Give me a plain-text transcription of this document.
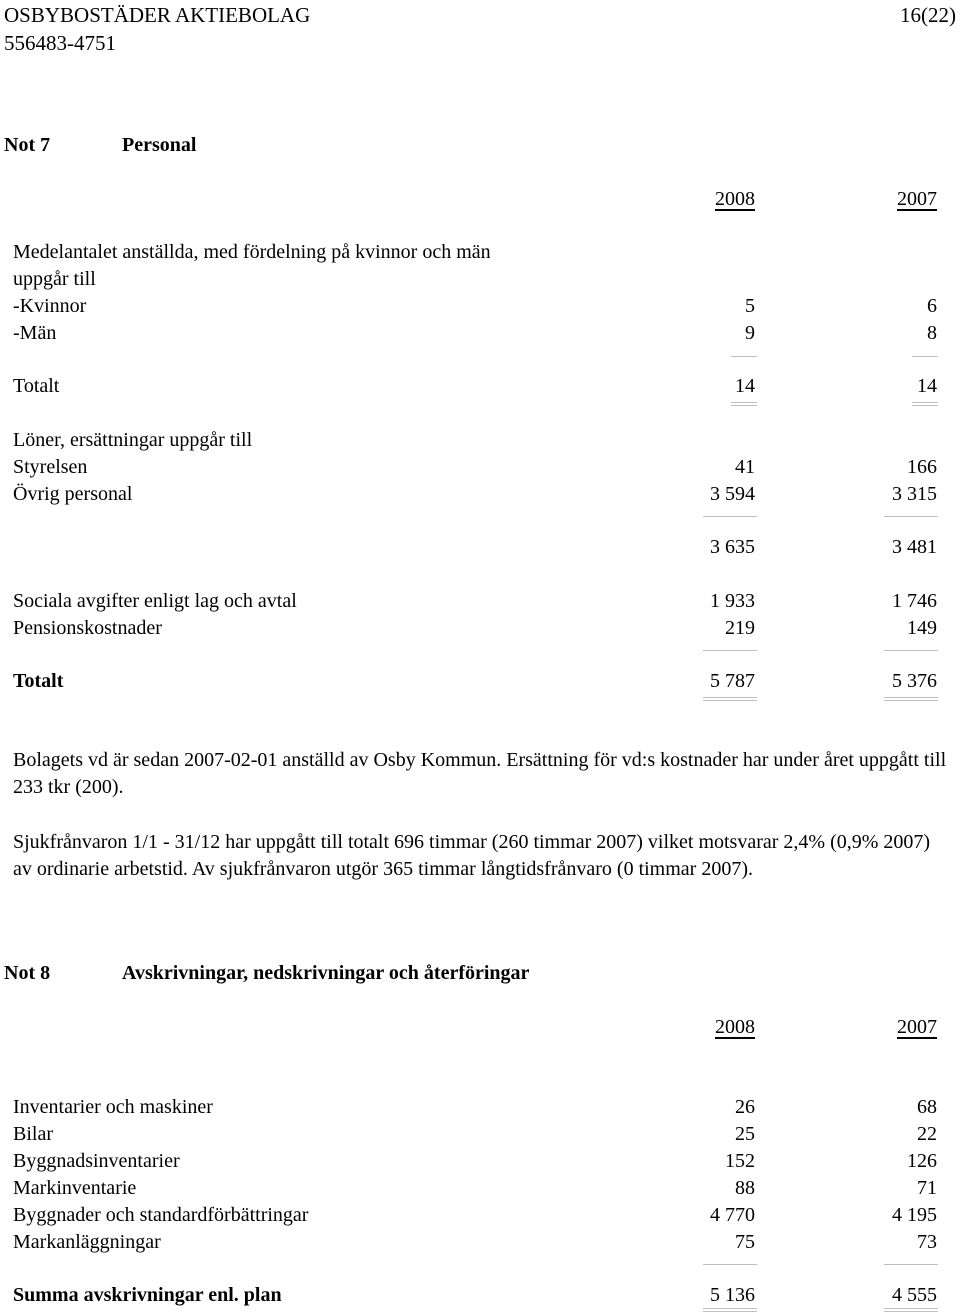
OSBYBOSTÄDER AKTIEBOLAG
556483-4751
16(22)
Not 7	Personal
2008	2007
Medelantalet anställda, med fördelning på kvinnor och män
uppgår till
-Kvinnor	5	6
-Män	9	8
Totalt	14	14
Löner, ersättningar uppgår till
Styrelsen	41	166
Övrig personal	3 594	3 315
3 635	3 481
Sociala avgifter enligt lag och avtal	1 933	1 746
Pensionskostnader	219	149
Totalt	5 787	5 376
Bolagets vd är sedan 2007-02-01 anställd av Osby Kommun. Ersättning för vd:s kostnader har under året uppgått till 233 tkr (200).
Sjukfrånvaron 1/1 - 31/12 har uppgått till totalt 696 timmar (260 timmar 2007) vilket motsvarar 2,4% (0,9% 2007) av ordinarie arbetstid. Av sjukfrånvaron utgör 365 timmar långtidsfrånvaro (0 timmar 2007).
Not 8	Avskrivningar, nedskrivningar och återföringar
2008	2007
Inventarier och maskiner	26	68
Bilar	25	22
Byggnadsinventarier	152	126
Markinventarie	88	71
Byggnader och standardförbättringar	4 770	4 195
Markanläggningar	75	73
Summa avskrivningar enl. plan	5 136	4 555
